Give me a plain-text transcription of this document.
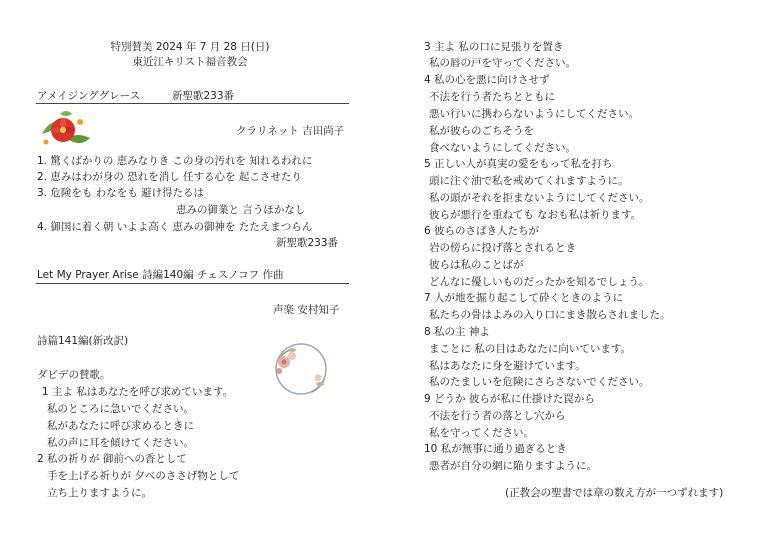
特別賛美 2024 年 7 月 28 日(日)
東近江キリスト福音教会
アメイジンググレース	新聖歌233番
クラリネット 吉田尚子
1. 驚くばかりの 恵みなりき この身の汚れを 知れるわれに
2. 恵みはわが身の 恐れを消し 任する心を 起こさせたり
3. 危険をも わなをも 避け得たるは
恵みの御業と 言うほかなし
4. 御国に着く朝 いよよ高く 恵みの御神を たたえまつらん
新聖歌233番
Let My Prayer Arise 詩編140編 チェスノコフ 作曲
声楽 安村知子
詩篇141編(新改訳)
ダビデの賛歌。
1 主よ 私はあなたを呼び求めています。
私のところに急いでください。
私があなたに呼び求めるときに
私の声に耳を傾けてください。
2 私の祈りが 御前への香として
手を上げる祈りが 夕べのささげ物として
立ち上りますように。
3 主よ 私の口に見張りを置き
私の唇の戸を守ってください。
4 私の心を悪に向けさせず
不法を行う者たちとともに
悪い行いに携わらないようにしてください。
私が彼らのごちそうを
食べないようにしてください。
5 正しい人が真実の愛をもって私を打ち
頭に注ぐ油で私を戒めてくれますように。
私の頭がそれを拒まないようにしてください。
彼らが悪行を重ねても なおも私は祈ります。
6 彼らのさばき人たちが
岩の傍らに投げ落とされるとき
彼らは私のことばが
どんなに優しいものだったかを知るでしょう。
7 人が地を掘り起こして砕くときのように
私たちの骨はよみの入り口にまき散らされました。
8 私の主 神よ
まことに 私の目はあなたに向いています。
私はあなたに身を避けています。
私のたましいを危険にさらさないでください。
9 どうか 彼らが私に仕掛けた罠から
不法を行う者の落とし穴から
私を守ってください。
10 私が無事に通り過ぎるとき
悪者が自分の網に陥りますように。
(正教会の聖書では章の数え方が一つずれます)
